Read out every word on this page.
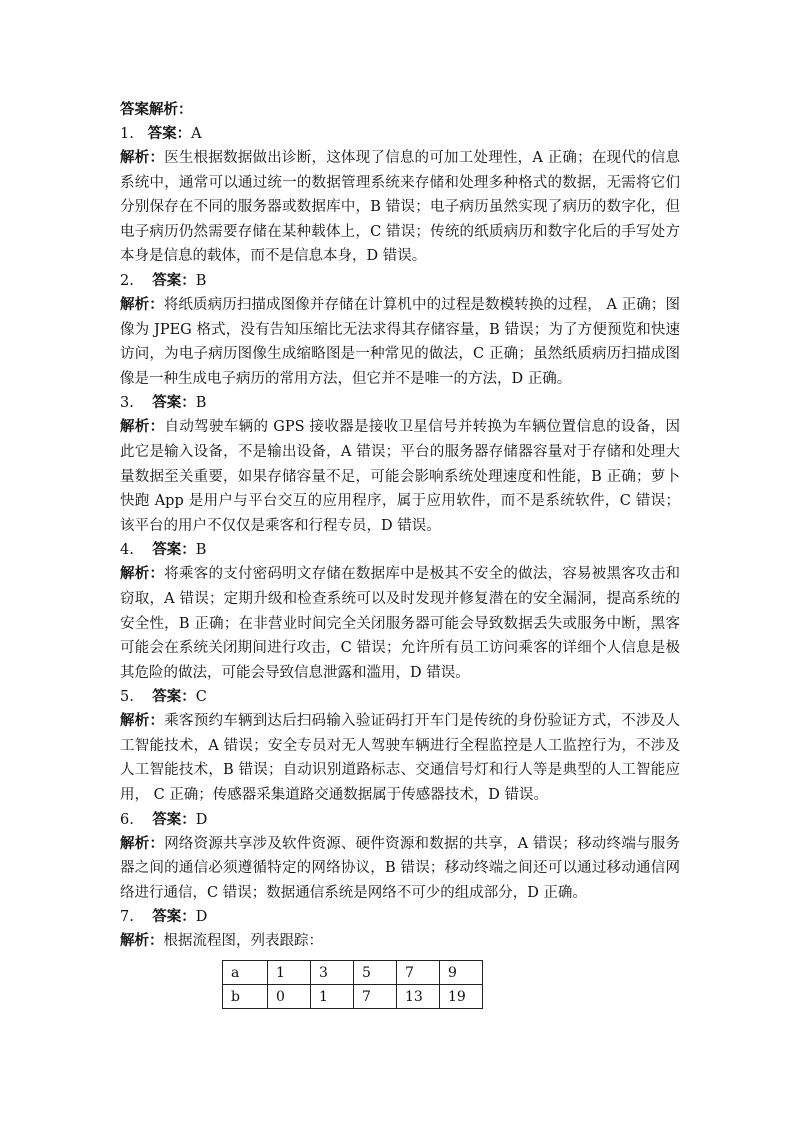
答案解析：
1. 答案：A
解析：医生根据数据做出诊断，这体现了信息的可加工处理性，A 正确；在现代的信息系统中，通常可以通过统一的数据管理系统来存储和处理多种格式的数据，无需将它们分别保存在不同的服务器或数据库中，B 错误；电子病历虽然实现了病历的数字化，但电子病历仍然需要存储在某种载体上，C 错误；传统的纸质病历和数字化后的手写处方本身是信息的载体，而不是信息本身，D 错误。
2. 答案：B
解析：将纸质病历扫描成图像并存储在计算机中的过程是数模转换的过程， A 正确；图像为 JPEG 格式，没有告知压缩比无法求得其存储容量，B 错误；为了方便预览和快速访问，为电子病历图像生成缩略图是一种常见的做法，C 正确；虽然纸质病历扫描成图像是一种生成电子病历的常用方法，但它并不是唯一的方法，D 正确。
3. 答案：B
解析：自动驾驶车辆的 GPS 接收器是接收卫星信号并转换为车辆位置信息的设备，因此它是输入设备，不是输出设备，A 错误；平台的服务器存储器容量对于存储和处理大量数据至关重要，如果存储容量不足，可能会影响系统处理速度和性能，B 正确；萝卜快跑 App 是用户与平台交互的应用程序，属于应用软件，而不是系统软件，C 错误；该平台的用户不仅仅是乘客和行程专员，D 错误。
4. 答案：B
解析：将乘客的支付密码明文存储在数据库中是极其不安全的做法，容易被黑客攻击和窃取，A 错误；定期升级和检查系统可以及时发现并修复潜在的安全漏洞，提高系统的安全性，B 正确；在非营业时间完全关闭服务器可能会导致数据丢失或服务中断，黑客可能会在系统关闭期间进行攻击，C 错误；允许所有员工访问乘客的详细个人信息是极其危险的做法，可能会导致信息泄露和滥用，D 错误。
5. 答案：C
解析：乘客预约车辆到达后扫码输入验证码打开车门是传统的身份验证方式，不涉及人工智能技术，A 错误；安全专员对无人驾驶车辆进行全程监控是人工监控行为，不涉及人工智能技术，B 错误；自动识别道路标志、交通信号灯和行人等是典型的人工智能应用， C 正确；传感器采集道路交通数据属于传感器技术，D 错误。
6. 答案：D
解析：网络资源共享涉及软件资源、硬件资源和数据的共享，A 错误；移动终端与服务器之间的通信必须遵循特定的网络协议，B 错误；移动终端之间还可以通过移动通信网络进行通信，C 错误；数据通信系统是网络不可少的组成部分，D 正确。
7. 答案：D
解析：根据流程图，列表跟踪：
a	1	3	5	7	9
b	0	1	7	13	19
